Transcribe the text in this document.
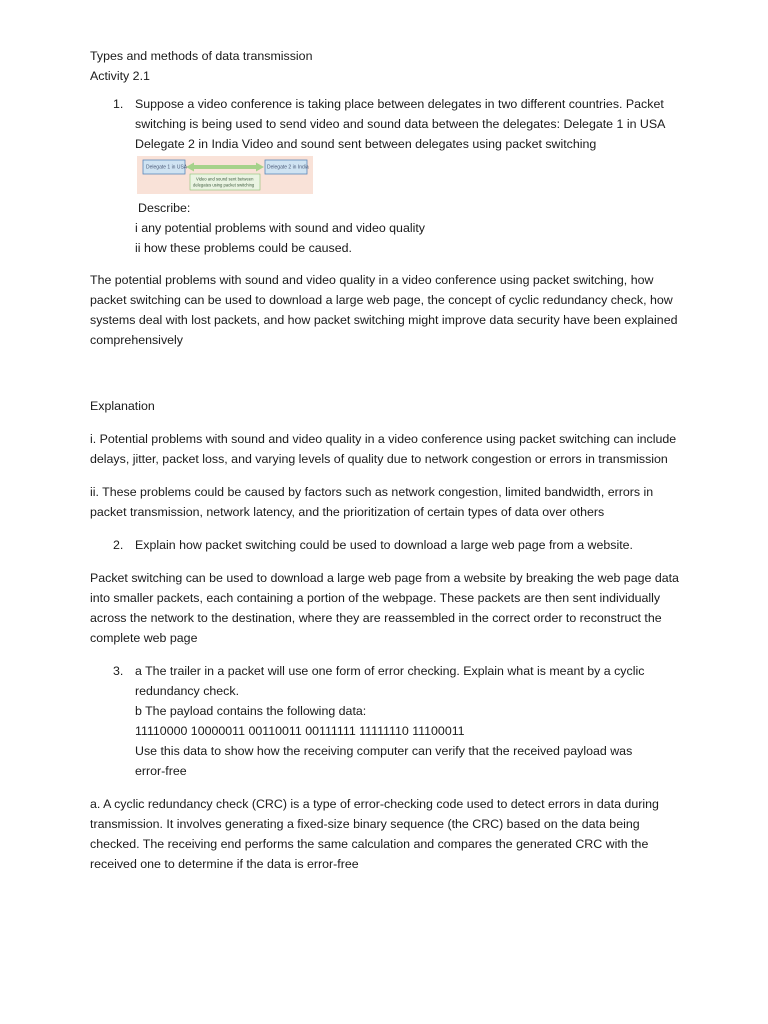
Types and methods of data transmission

Activity 2.1

1. Suppose a video conference is taking place between delegates in two different countries. Packet switching is being used to send video and sound data between the delegates: Delegate 1 in USA Delegate 2 in India Video and sound sent between delegates using packet switching

Delegate 1 in USA	Delegate 2 in India
Video and sound sent between
delegates using packet switching

Describe:

i any potential problems with sound and video quality

ii how these problems could be caused.

The potential problems with sound and video quality in a video conference using packet switching, how packet switching can be used to download a large web page, the concept of cyclic redundancy check, how systems deal with lost packets, and how packet switching might improve data security have been explained comprehensively

Explanation

i. Potential problems with sound and video quality in a video conference using packet switching can include delays, jitter, packet loss, and varying levels of quality due to network congestion or errors in transmission

ii. These problems could be caused by factors such as network congestion, limited bandwidth, errors in packet transmission, network latency, and the prioritization of certain types of data over others

2. Explain how packet switching could be used to download a large web page from a website.

Packet switching can be used to download a large web page from a website by breaking the web page data into smaller packets, each containing a portion of the webpage. These packets are then sent individually across the network to the destination, where they are reassembled in the correct order to reconstruct the complete web page

3. a The trailer in a packet will use one form of error checking. Explain what is meant by a cyclic redundancy check.

b The payload contains the following data:

11110000 10000011 00110011 00111111 11111110 11100011

Use this data to show how the receiving computer can verify that the received payload was error-free

a. A cyclic redundancy check (CRC) is a type of error-checking code used to detect errors in data during transmission. It involves generating a fixed-size binary sequence (the CRC) based on the data being checked. The receiving end performs the same calculation and compares the generated CRC with the received one to determine if the data is error-free
